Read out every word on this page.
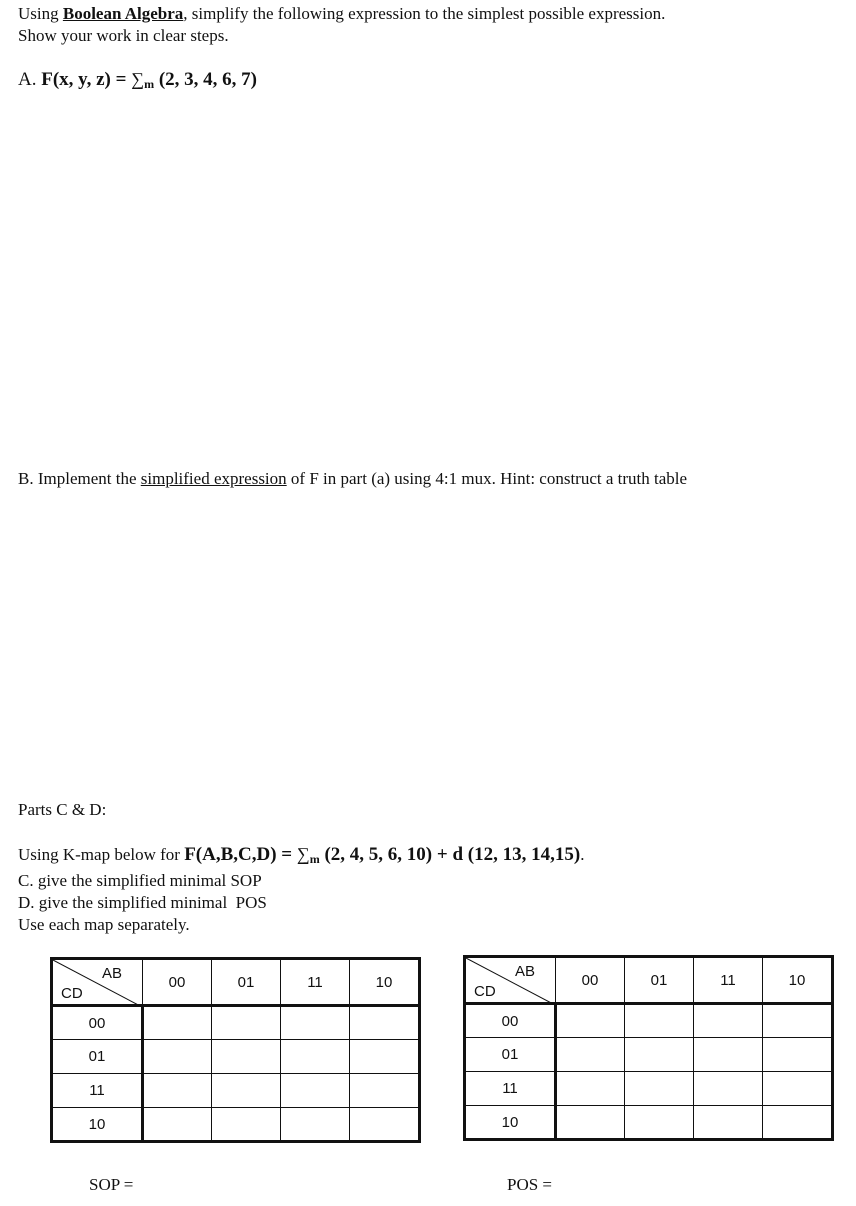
Using Boolean Algebra, simplify the following expression to the simplest possible expression.
Show your work in clear steps.
A. F(x, y, $z) = \sum_m$ (2, 3, 4, 6, 7)
B. Implement the simplified expression of F in part (a) using 4:1 mux. Hint: construct a truth table
Parts C & D:

Using K-map below for $F(A,B,C,D) = \sum_m$ (2, 4, 5, 6, 10) + d (12, 13, 14,15).
C. give the simplified minimal SOP
D. give the simplified minimal  POS
Use each map separately.
AB
CD	00	01	11	10
00				
01				
11				
10				
AB
CD	00	01	11	10
00				
01				
11				
10				
SOP =	POS =
